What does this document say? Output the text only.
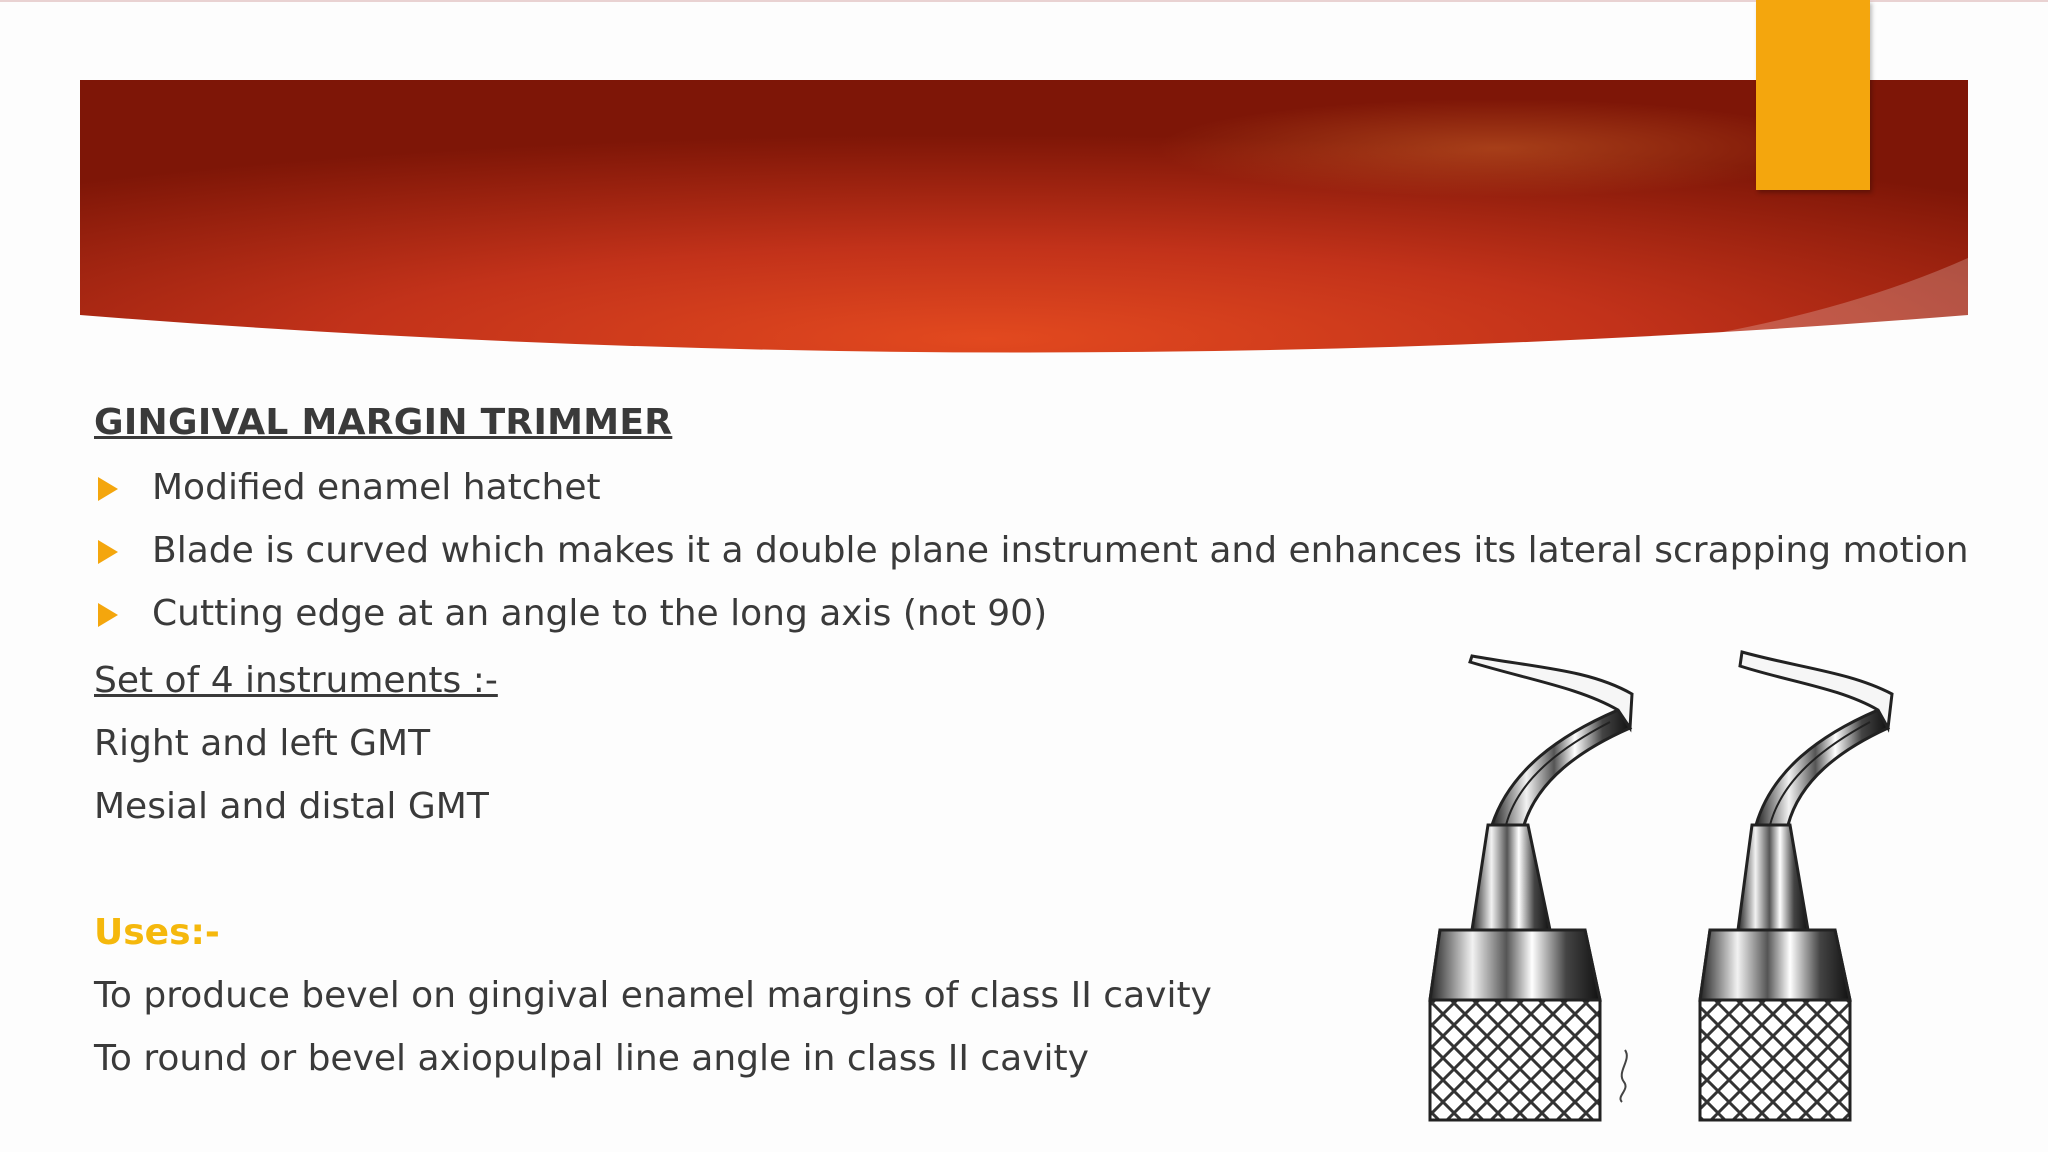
GINGIVAL MARGIN TRIMMER
Modified enamel hatchet
Blade is curved which makes it a double plane instrument and enhances its lateral scrapping motion
Cutting edge at an angle to the long axis (not 90)
Set of 4 instruments :-
Right and left GMT
Mesial and distal GMT
Uses:-
To produce bevel on gingival enamel margins of class II cavity
To round or bevel axiopulpal line angle in class II cavity
